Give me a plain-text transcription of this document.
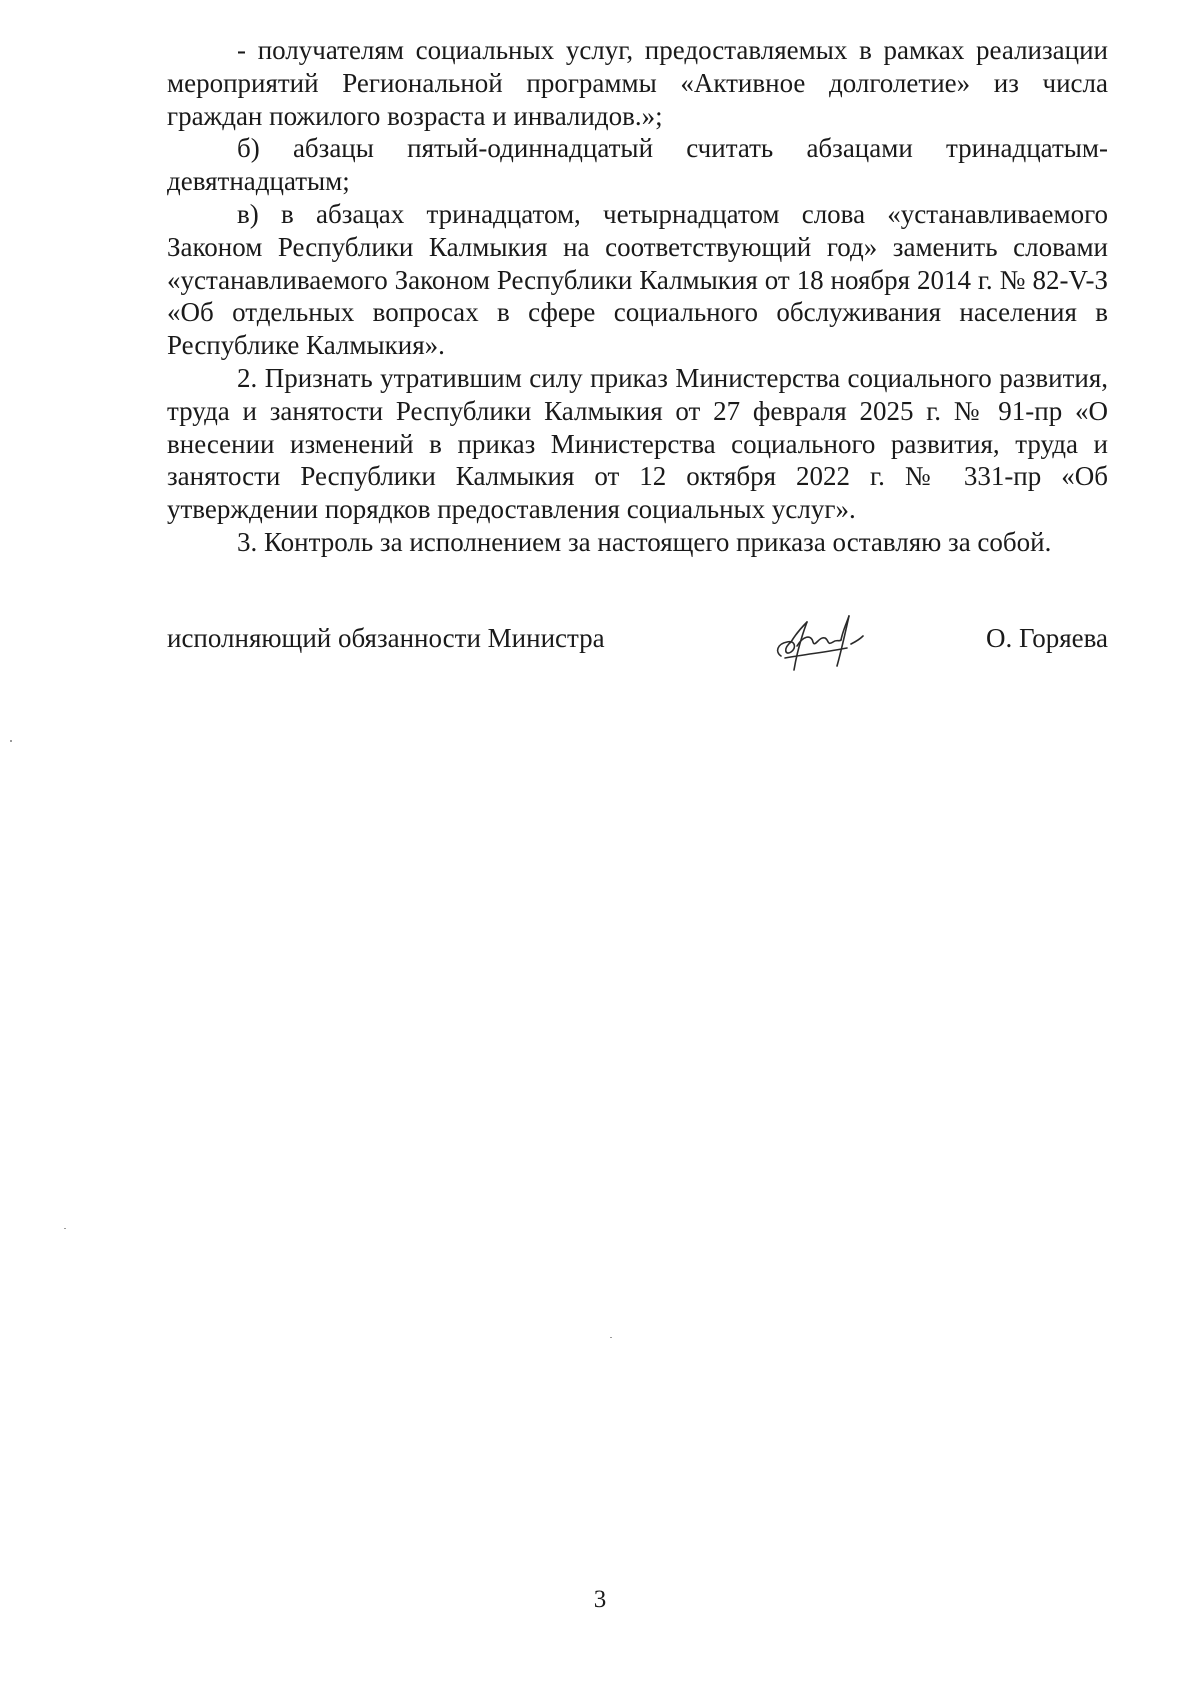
- получателям социальных услуг, предоставляемых в рамках реализации мероприятий Региональной программы «Активное долголетие» из числа граждан пожилого возраста и инвалидов.»;

б) абзацы пятый-одиннадцатый считать абзацами тринадцатым-девятнадцатым;

в) в абзацах тринадцатом, четырнадцатом слова «устанавливаемого Законом Республики Калмыкия на соответствующий год» заменить словами «устанавливаемого Законом Республики Калмыкия от 18 ноября 2014 г. № 82-V-З «Об отдельных вопросах в сфере социального обслуживания населения в Республике Калмыкия».

2. Признать утратившим силу приказ Министерства социального развития, труда и занятости Республики Калмыкия от 27 февраля 2025 г. № 91-пр «О внесении изменений в приказ Министерства социального развития, труда и занятости Республики Калмыкия от 12 октября 2022 г. № 331-пр «Об утверждении порядков предоставления социальных услуг».

3. Контроль за исполнением за настоящего приказа оставляю за собой.

исполняющий обязанности Министра	О. Горяева
3
